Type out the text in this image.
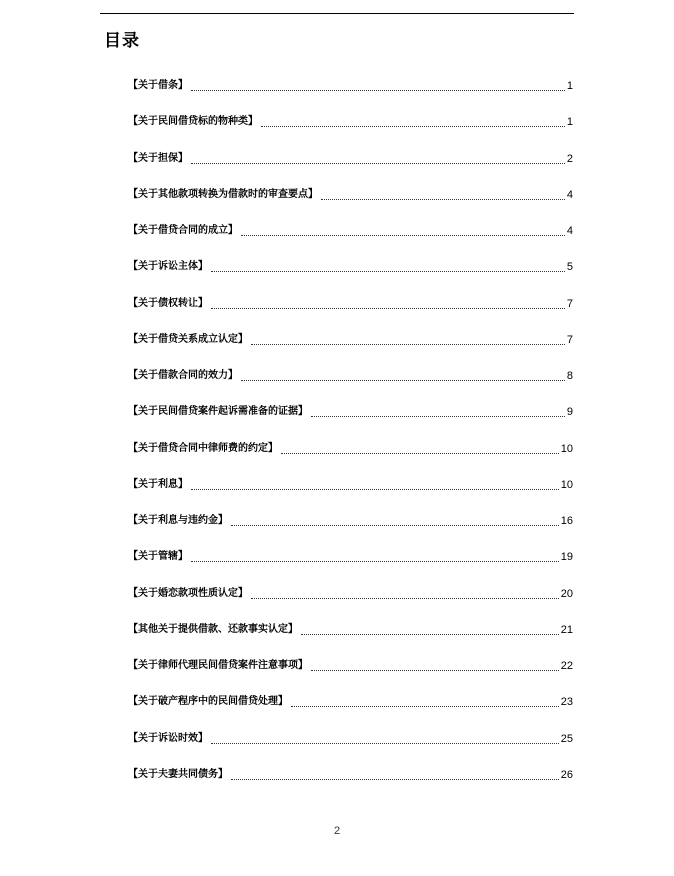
目录
【关于借条】	1
【关于民间借贷标的物种类】	1
【关于担保】	2
【关于其他款项转换为借款时的审查要点】	4
【关于借贷合同的成立】	4
【关于诉讼主体】	5
【关于债权转让】	7
【关于借贷关系成立认定】	7
【关于借款合同的效力】	8
【关于民间借贷案件起诉需准备的证据】	9
【关于借贷合同中律师费的约定】	10
【关于利息】	10
【关于利息与违约金】	16
【关于管辖】	19
【关于婚恋款项性质认定】	20
【其他关于提供借款、还款事实认定】	21
【关于律师代理民间借贷案件注意事项】	22
【关于破产程序中的民间借贷处理】	23
【关于诉讼时效】	25
【关于夫妻共同债务】	26
2
